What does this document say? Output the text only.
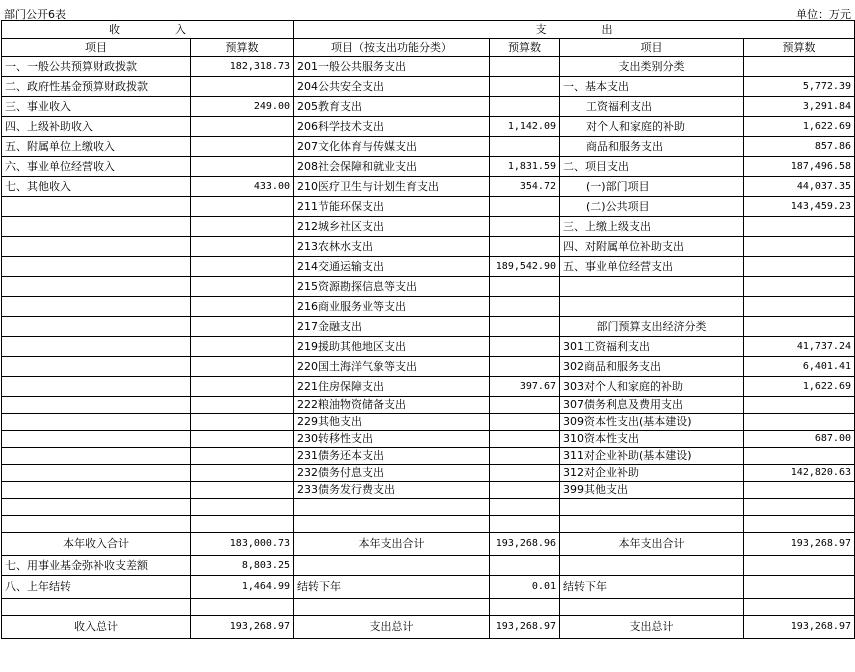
部门公开6表	单位：万元
收　　　　　入		支　　　　　出			
项目	预算数	项目（按支出功能分类）	预算数	项目	预算数
一、一般公共预算财政拨款	182,318.73	201一般公共服务支出		支出类别分类	
二、政府性基金预算财政拨款		204公共安全支出		一、基本支出	5,772.39
三、事业收入	249.00	205教育支出		工资福利支出	3,291.84
四、上级补助收入		206科学技术支出	1,142.09	对个人和家庭的补助	1,622.69
五、附属单位上缴收入		207文化体育与传媒支出		商品和服务支出	857.86
六、事业单位经营收入		208社会保障和就业支出	1,831.59	二、项目支出	187,496.58
七、其他收入	433.00	210医疗卫生与计划生育支出	354.72	(一)部门项目	44,037.35
		211节能环保支出		(二)公共项目	143,459.23
		212城乡社区支出		三、上缴上级支出	
		213农林水支出		四、对附属单位补助支出	
		214交通运输支出	189,542.90	五、事业单位经营支出	
		215资源勘探信息等支出			
		216商业服务业等支出			
		217金融支出		部门预算支出经济分类	
		219援助其他地区支出		301工资福利支出	41,737.24
		220国土海洋气象等支出		302商品和服务支出	6,401.41
		221住房保障支出	397.67	303对个人和家庭的补助	1,622.69
		222粮油物资储备支出		307债务利息及费用支出	
		229其他支出		309资本性支出(基本建设)	
		230转移性支出		310资本性支出	687.00
		231债务还本支出		311对企业补助(基本建设)	
		232债务付息支出		312对企业补助	142,820.63
		233债务发行费支出		399其他支出	

本年收入合计	183,000.73	本年支出合计	193,268.96	本年支出合计	193,268.97
七、用事业基金弥补收支差额	8,803.25				
八、上年结转	1,464.99	结转下年	0.01	结转下年	

收入总计	193,268.97	支出总计	193,268.97	支出总计	193,268.97
